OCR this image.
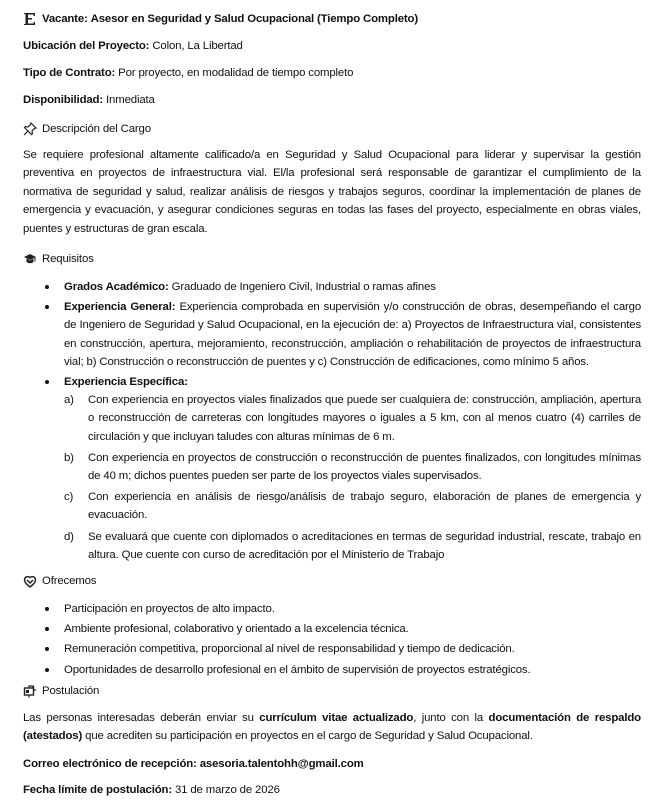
Vacante: Asesor en Seguridad y Salud Ocupacional (Tiempo Completo)
Ubicación del Proyecto: Colon, La Libertad
Tipo de Contrato: Por proyecto, en modalidad de tiempo completo
Disponibilidad: Inmediata
Descripción del Cargo
Se requiere profesional altamente calificado/a en Seguridad y Salud Ocupacional para liderar y supervisar la gestión preventiva en proyectos de infraestructura vial. El/la profesional será responsable de garantizar el cumplimiento de la normativa de seguridad y salud, realizar análisis de riesgos y trabajos seguros, coordinar la implementación de planes de emergencia y evacuación, y asegurar condiciones seguras en todas las fases del proyecto, especialmente en obras viales, puentes y estructuras de gran escala.
Requisitos
Grados Académico: Graduado de Ingeniero Civil, Industrial o ramas afines
Experiencia General: Experiencia comprobada en supervisión y/o construcción de obras, desempeñando el cargo de Ingeniero de Seguridad y Salud Ocupacional, en la ejecución de: a) Proyectos de Infraestructura vial, consistentes en construcción, apertura, mejoramiento, reconstrucción, ampliación o rehabilitación de proyectos de infraestructura vial; b) Construcción o reconstrucción de puentes y c) Construcción de edificaciones, como mínimo 5 años.
Experiencia Específica:
a) Con experiencia en proyectos viales finalizados que puede ser cualquiera de: construcción, ampliación, apertura o reconstrucción de carreteras con longitudes mayores o iguales a 5 km, con al menos cuatro (4) carriles de circulación y que incluyan taludes con alturas mínimas de 6 m.
b) Con experiencia en proyectos de construcción o reconstrucción de puentes finalizados, con longitudes mínimas de 40 m; dichos puentes pueden ser parte de los proyectos viales supervisados.
c) Con experiencia en análisis de riesgo/análisis de trabajo seguro, elaboración de planes de emergencia y evacuación.
d) Se evaluará que cuente con diplomados o acreditaciones en termas de seguridad industrial, rescate, trabajo en altura. Que cuente con curso de acreditación por el Ministerio de Trabajo
Ofrecemos
Participación en proyectos de alto impacto.
Ambiente profesional, colaborativo y orientado a la excelencia técnica.
Remuneración competitiva, proporcional al nivel de responsabilidad y tiempo de dedicación.
Oportunidades de desarrollo profesional en el ámbito de supervisión de proyectos estratégicos.
Postulación
Las personas interesadas deberán enviar su currículum vitae actualizado, junto con la documentación de respaldo (atestados) que acrediten su participación en proyectos en el cargo de Seguridad y Salud Ocupacional.
Correo electrónico de recepción: asesoria.talentohh@gmail.com
Fecha límite de postulación: 31 de marzo de 2026
